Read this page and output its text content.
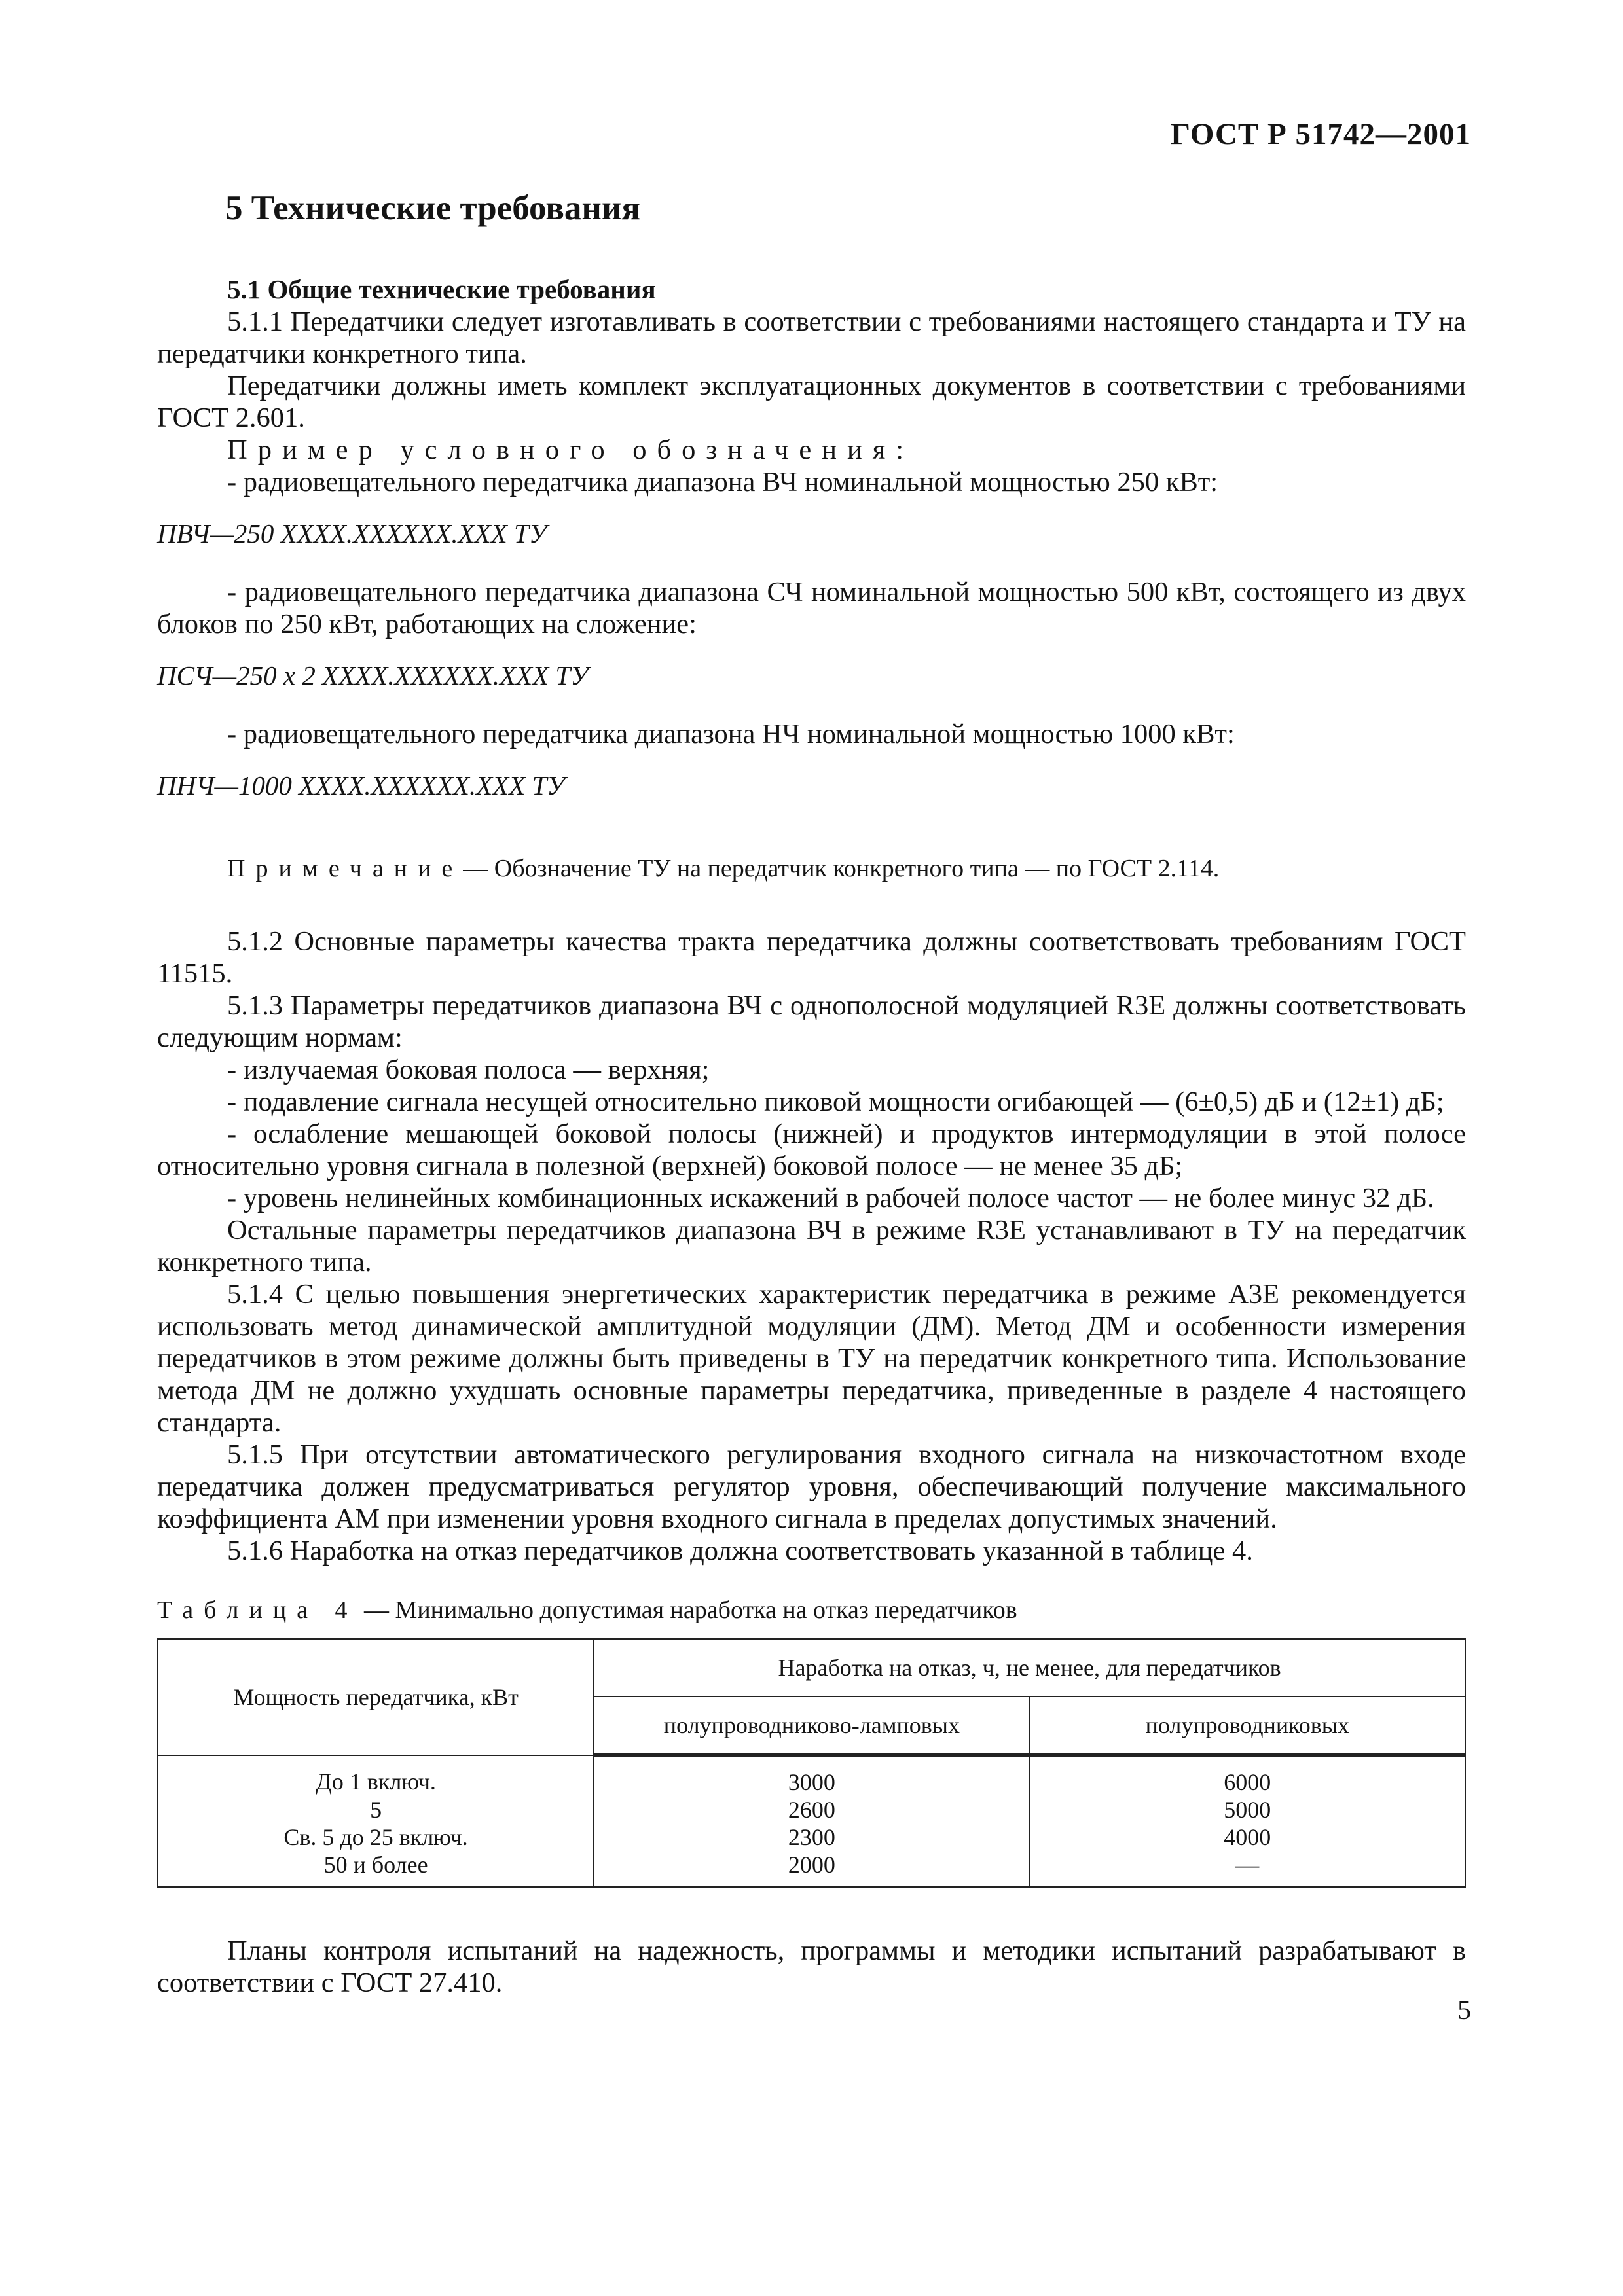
ГОСТ Р 51742—2001
5 Технические требования

5.1 Общие технические требования

5.1.1 Передатчики следует изготавливать в соответствии с требованиями настоящего стандарта и ТУ на передатчики конкретного типа.

Передатчики должны иметь комплект эксплуатационных документов в соответствии с требованиями ГОСТ 2.601.

Пример условного обозначения:

- радиовещательного передатчика диапазона ВЧ номинальной мощностью 250 кВт:

ПВЧ—250 ХХХХ.ХХХХХХ.ХХХ ТУ

- радиовещательного передатчика диапазона СЧ номинальной мощностью 500 кВт, состоящего из двух блоков по 250 кВт, работающих на сложение:

ПСЧ—250 х 2 ХХХХ.ХХХХХХ.ХХХ ТУ

- радиовещательного передатчика диапазона НЧ номинальной мощностью 1000 кВт:

ПНЧ—1000 ХХХХ.ХХХХХХ.ХХХ ТУ

Примечание— Обозначение ТУ на передатчик конкретного типа — по ГОСТ 2.114.

5.1.2 Основные параметры качества тракта передатчика должны соответствовать требованиям ГОСТ 11515.

5.1.3 Параметры передатчиков диапазона ВЧ с однополосной модуляцией R3E должны соответствовать следующим нормам:

- излучаемая боковая полоса — верхняя;

- подавление сигнала несущей относительно пиковой мощности огибающей — (6±0,5) дБ и (12±1) дБ;

- ослабление мешающей боковой полосы (нижней) и продуктов интермодуляции в этой полосе относительно уровня сигнала в полезной (верхней) боковой полосе — не менее 35 дБ;

- уровень нелинейных комбинационных искажений в рабочей полосе частот — не более минус 32 дБ.

Остальные параметры передатчиков диапазона ВЧ в режиме R3E устанавливают в ТУ на передатчик конкретного типа.

5.1.4 С целью повышения энергетических характеристик передатчика в режиме А3Е рекомендуется использовать метод динамической амплитудной модуляции (ДМ). Метод ДМ и особенности измерения передатчиков в этом режиме должны быть приведены в ТУ на передатчик конкретного типа. Использование метода ДМ не должно ухудшать основные параметры передатчика, приведенные в разделе 4 настоящего стандарта.

5.1.5 При отсутствии автоматического регулирования входного сигнала на низкочастотном входе передатчика должен предусматриваться регулятор уровня, обеспечивающий получение максимального коэффициента АМ при изменении уровня входного сигнала в пределах допустимых значений.

5.1.6 Наработка на отказ передатчиков должна соответствовать указанной в таблице 4.

Таблица 4 — Минимально допустимая наработка на отказ передатчиков

Мощность передатчика, кВт	Наработка на отказ, ч, не менее, для передатчиков	
	полупроводниково-ламповых	полупроводниковых
До 1 включ.	3000	6000
5	2600	5000
Св. 5 до 25 включ.	2300	4000
50 и более	2000	—

Планы контроля испытаний на надежность, программы и методики испытаний разрабатывают в соответствии с ГОСТ 27.410.

5
